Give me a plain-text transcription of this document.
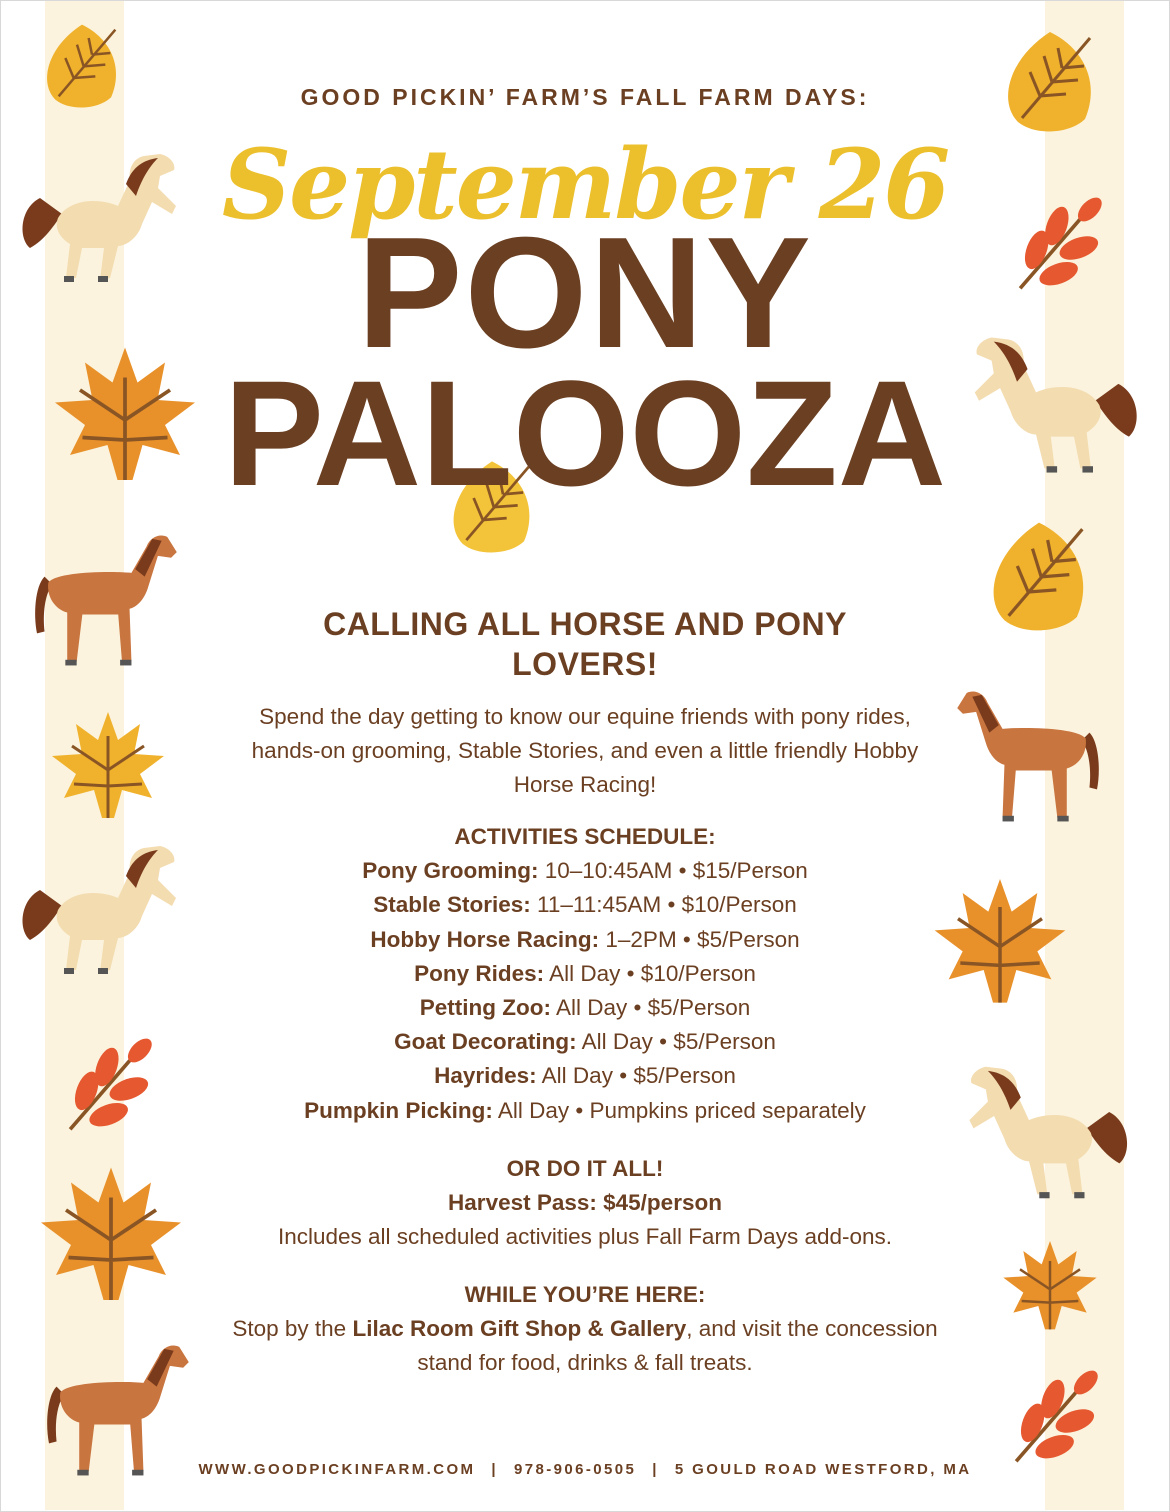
GOOD PICKIN’ FARM’S FALL FARM DAYS:
September 26
PONY
PALOOZA
CALLING ALL HORSE AND PONY LOVERS!
Spend the day getting to know our equine friends with pony rides, hands-on grooming, Stable Stories, and even a little friendly Hobby Horse Racing!
ACTIVITIES SCHEDULE:
Pony Grooming: 10–10:45AM • $15/Person
Stable Stories: 11–11:45AM • $10/Person
Hobby Horse Racing: 1–2PM • $5/Person
Pony Rides: All Day • $10/Person
Petting Zoo: All Day • $5/Person
Goat Decorating: All Day • $5/Person
Hayrides: All Day • $5/Person
Pumpkin Picking: All Day • Pumpkins priced separately
OR DO IT ALL!
Harvest Pass: $45/person
Includes all scheduled activities plus Fall Farm Days add-ons.
WHILE YOU’RE HERE:
Stop by the Lilac Room Gift Shop & Gallery, and visit the concession stand for food, drinks & fall treats.
WWW.GOODPICKINFARM.COM | 978-906-0505 | 5 GOULD ROAD WESTFORD, MA
